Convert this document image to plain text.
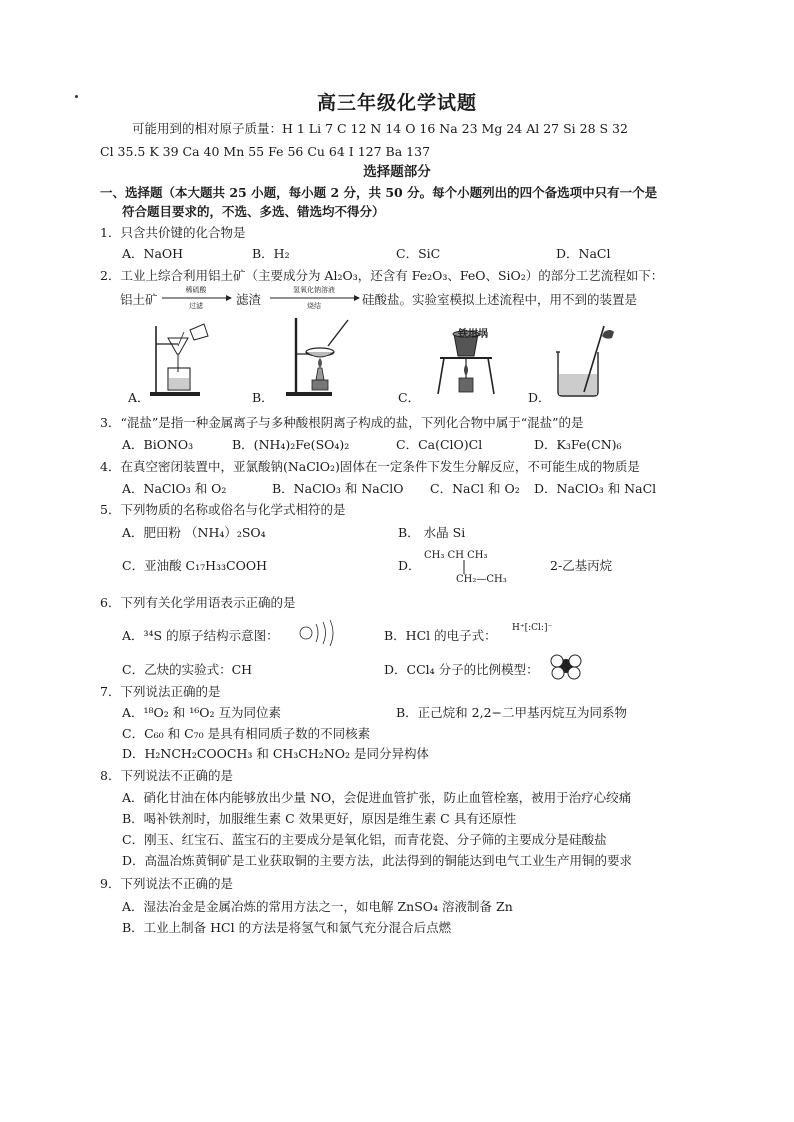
高三年级化学试题
可能用到的相对原子质量：H 1 Li 7 C 12 N 14 O 16 Na 23 Mg 24 Al 27 Si 28 S 32
Cl 35.5 K 39 Ca 40 Mn 55 Fe 56 Cu 64 I 127 Ba 137
选择题部分
一、选择题（本大题共 25 小题，每小题 2 分，共 50 分。每个小题列出的四个备选项中只有一个是
符合题目要求的，不选、多选、错选均不得分）
1．只含共价键的化合物是
A．NaOH	B．H₂	C．SiC	D．NaCl
2．工业上综合利用铝土矿（主要成分为 Al₂O₃，还含有 Fe₂O₃、FeO、SiO₂）的部分工艺流程如下：
铝土矿
稀硫酸
过滤	滤渣
氢氧化钠溶液
烧结	硅酸盐。实验室模拟上述流程中，用不到的装置是
A．	B．
铁坩埚
C．	D．
3．“混盐”是指一种金属离子与多种酸根阴离子构成的盐，下列化合物中属于“混盐”的是
A．BiONO₃	B．(NH₄)₂Fe(SO₄)₂	C．Ca(ClO)Cl	D．K₃Fe(CN)₆
4．在真空密闭装置中，亚氯酸钠(NaClO₂)固体在一定条件下发生分解反应，不可能生成的物质是
A．NaClO₃ 和 O₂	B．NaClO₃ 和 NaClO C．NaCl 和 O₂ D．NaClO₃ 和 NaCl
5．下列物质的名称或俗名与化学式相符的是
A．肥田粉 （NH₄）₂SO₄	B． 水晶 Si
C．亚油酸 C₁₇H₃₃COOH	D．
CH₃ CH CH₃
CH₂—CH₃
2-乙基丙烷
6．下列有关化学用语表示正确的是
A．³⁴S 的原子结构示意图：	B．HCl 的电子式： H⁺[:Cl:]⁻
C．乙炔的实验式：CH	D．CCl₄ 分子的比例模型：
7．下列说法正确的是
A．¹⁸O₂ 和 ¹⁶O₂ 互为同位素	B．正己烷和 2,2−二甲基丙烷互为同系物
C．C₆₀ 和 C₇₀ 是具有相同质子数的不同核素
D．H₂NCH₂COOCH₃ 和 CH₃CH₂NO₂ 是同分异构体
8．下列说法不正确的是
A．硝化甘油在体内能够放出少量 NO，会促进血管扩张，防止血管栓塞，被用于治疗心绞痛
B．喝补铁剂时，加服维生素 C 效果更好，原因是维生素 C 具有还原性
C．刚玉、红宝石、蓝宝石的主要成分是氧化铝，而青花瓷、分子筛的主要成分是硅酸盐
D．高温冶炼黄铜矿是工业获取铜的主要方法，此法得到的铜能达到电气工业生产用铜的要求
9．下列说法不正确的是
A．湿法冶金是金属冶炼的常用方法之一，如电解 ZnSO₄ 溶液制备 Zn
B．工业上制备 HCl 的方法是将氢气和氯气充分混合后点燃
